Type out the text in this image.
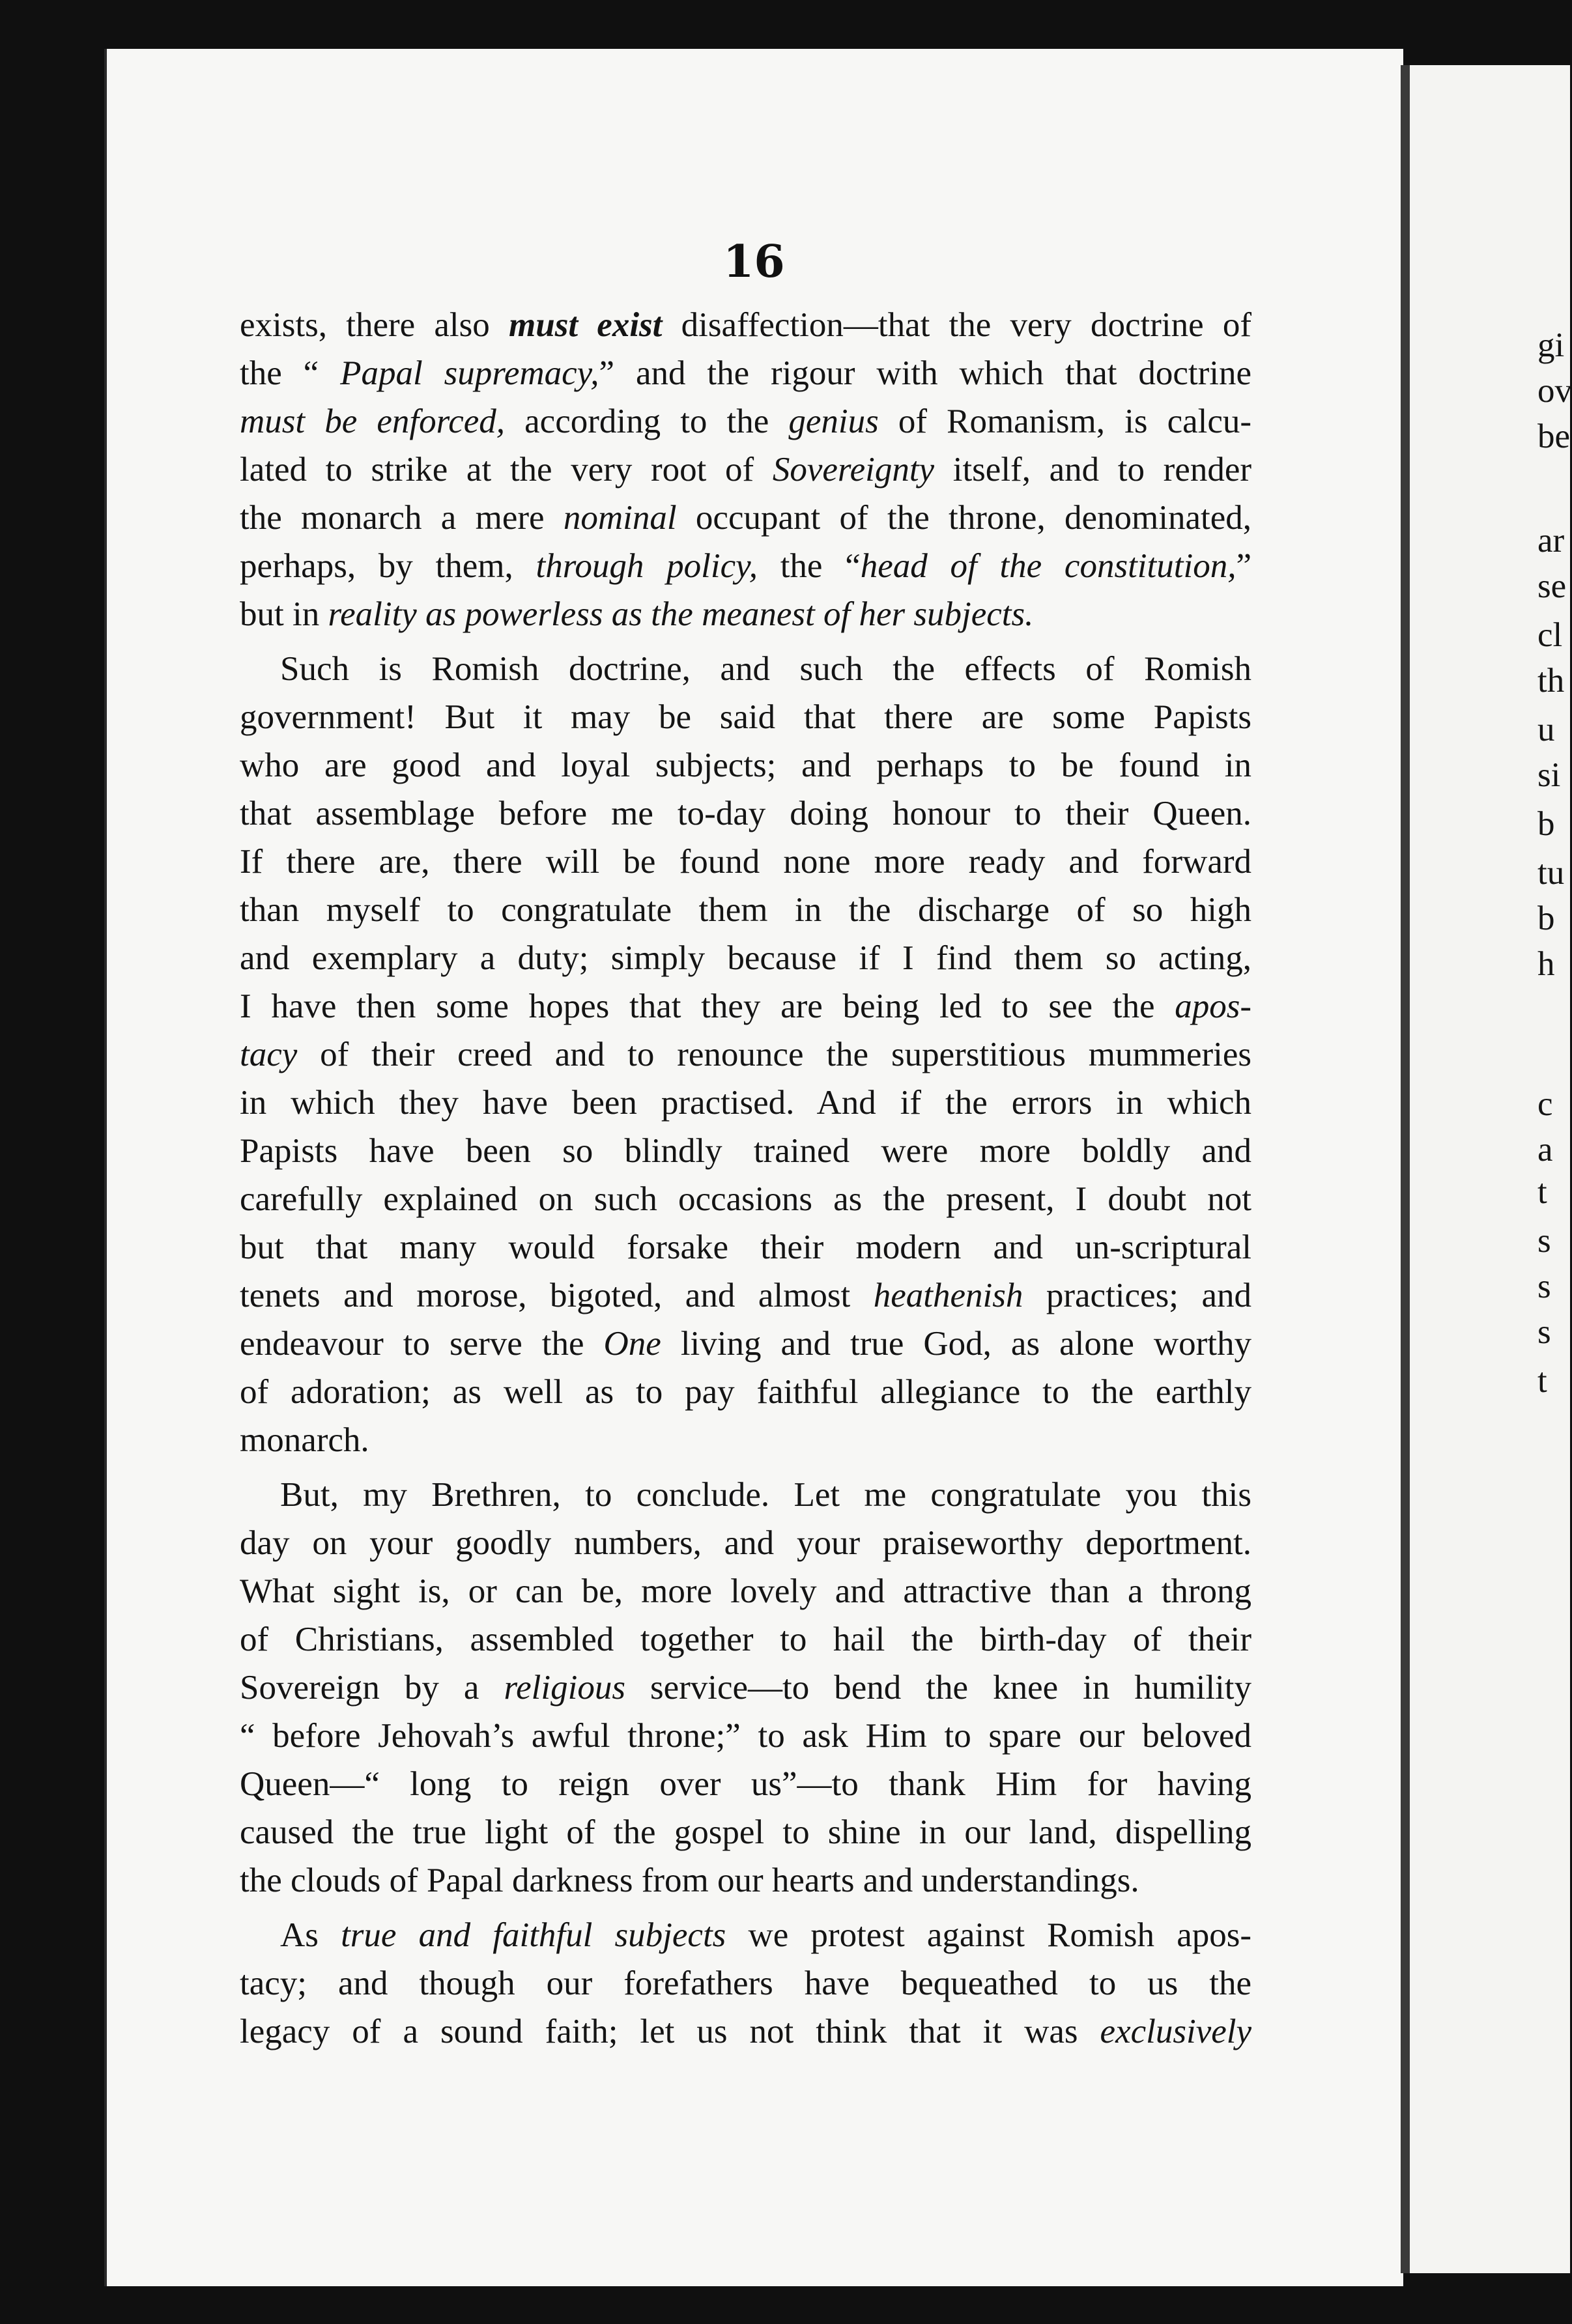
16
exists, there also must exist disaffection—that the very doctrine of
the “ Papal supremacy,” and the rigour with which that doctrine
must be enforced, according to the genius of Romanism, is calcu-
lated to strike at the very root of Sovereignty itself, and to render
the monarch a mere nominal occupant of the throne, denominated,
perhaps, by them, through policy, the “head of the constitution,”
but in reality as powerless as the meanest of her subjects.
Such is Romish doctrine, and such the effects of Romish
government! But it may be said that there are some Papists
who are good and loyal subjects; and perhaps to be found in
that assemblage before me to-day doing honour to their Queen.
If there are, there will be found none more ready and forward
than myself to congratulate them in the discharge of so high
and exemplary a duty; simply because if I find them so acting,
I have then some hopes that they are being led to see the apos-
tacy of their creed and to renounce the superstitious mummeries
in which they have been practised. And if the errors in which
Papists have been so blindly trained were more boldly and
carefully explained on such occasions as the present, I doubt not
but that many would forsake their modern and un-scriptural
tenets and morose, bigoted, and almost heathenish practices; and
endeavour to serve the One living and true God, as alone worthy
of adoration; as well as to pay faithful allegiance to the earthly
monarch.
But, my Brethren, to conclude. Let me congratulate you this
day on your goodly numbers, and your praiseworthy deportment.
What sight is, or can be, more lovely and attractive than a throng
of Christians, assembled together to hail the birth-day of their
Sovereign by a religious service—to bend the knee in humility
“ before Jehovah’s awful throne;” to ask Him to spare our beloved
Queen—“ long to reign over us”—to thank Him for having
caused the true light of the gospel to shine in our land, dispelling
the clouds of Papal darkness from our hearts and understandings.
As true and faithful subjects we protest against Romish apos-
tacy; and though our forefathers have bequeathed to us the
legacy of a sound faith; let us not think that it was exclusively
gi
ov
be
ar
se
cl
th
u
si
b
tu
b
h
c
a
t
s
s
s
t
